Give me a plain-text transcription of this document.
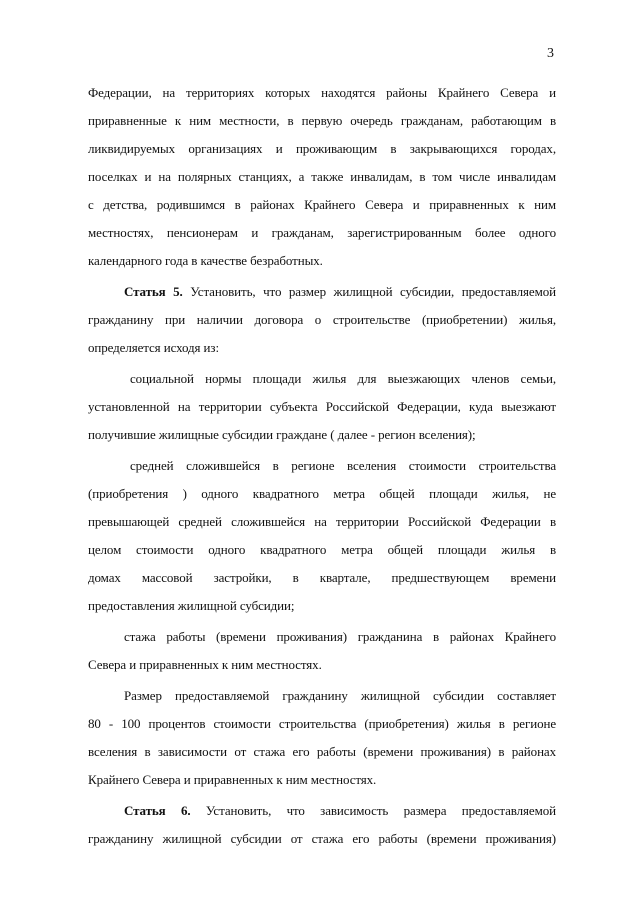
3
Федерации, на территориях которых находятся районы Крайнего Севера и
приравненные к ним местности, в первую очередь гражданам, работающим в
ликвидируемых организациях и проживающим в закрывающихся городах,
поселках и на полярных станциях, а также инвалидам, в том числе инвалидам
с детства, родившимся в районах Крайнего Севера и приравненных к ним
местностях, пенсионерам и гражданам, зарегистрированным более одного
календарного года в качестве безработных.
Статья 5. Установить, что размер жилищной субсидии, предоставляемой
гражданину при наличии договора о строительстве (приобретении) жилья,
определяется исходя из:
социальной нормы площади жилья для выезжающих членов семьи,
установленной на территории субъекта Российской Федерации, куда выезжают
получившие жилищные субсидии граждане ( далее - регион вселения);
средней сложившейся в регионе вселения стоимости строительства
(приобретения ) одного квадратного метра общей площади жилья, не
превышающей средней сложившейся на территории Российской Федерации в
целом стоимости одного квадратного метра общей площади жилья в
домах массовой застройки, в квартале, предшествующем времени
предоставления жилищной субсидии;
стажа работы (времени проживания) гражданина в районах Крайнего
Севера и приравненных к ним местностях.
Размер предоставляемой гражданину жилищной субсидии составляет
80 - 100 процентов стоимости строительства (приобретения) жилья в регионе
вселения в зависимости от стажа его работы (времени проживания) в районах
Крайнего Севера и приравненных к ним местностях.
Статья 6. Установить, что зависимость размера предоставляемой
гражданину жилищной субсидии от стажа его работы (времени проживания)
